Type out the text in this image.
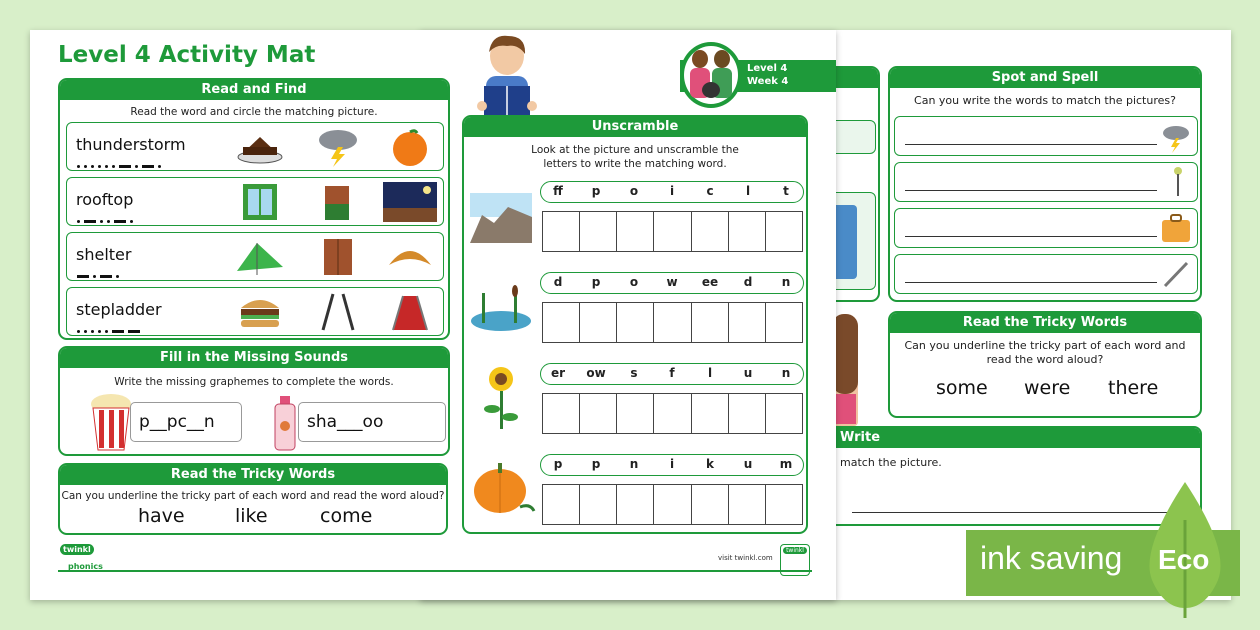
Spot and Spell
Can you write the words to match the pictures?
Read the Tricky Words
Can you underline the tricky part of each word and read the word aloud?
some were there
Write
match the picture.
Level 4 Activity Mat
Level 4
Week 4
Read and Find
Read the word and circle the matching picture.
thunderstorm
rooftop
shelter
stepladder
Fill in the Missing Sounds
Write the missing graphemes to complete the words.
p__pc__n	sha___oo
Read the Tricky Words
Can you underline the tricky part of each word and read the word aloud?
have	like	come
Unscramble
Look at the picture and unscramble the
letters to write the matching word.
ff	p	o	i	c	l	t
d	p	o	w	ee	d	n
er	ow	s	f	l	u	n
p	p	n	i	k	u	m
twinkl
phonics
visit twinkl.com
twinkl	ink saving Eco
